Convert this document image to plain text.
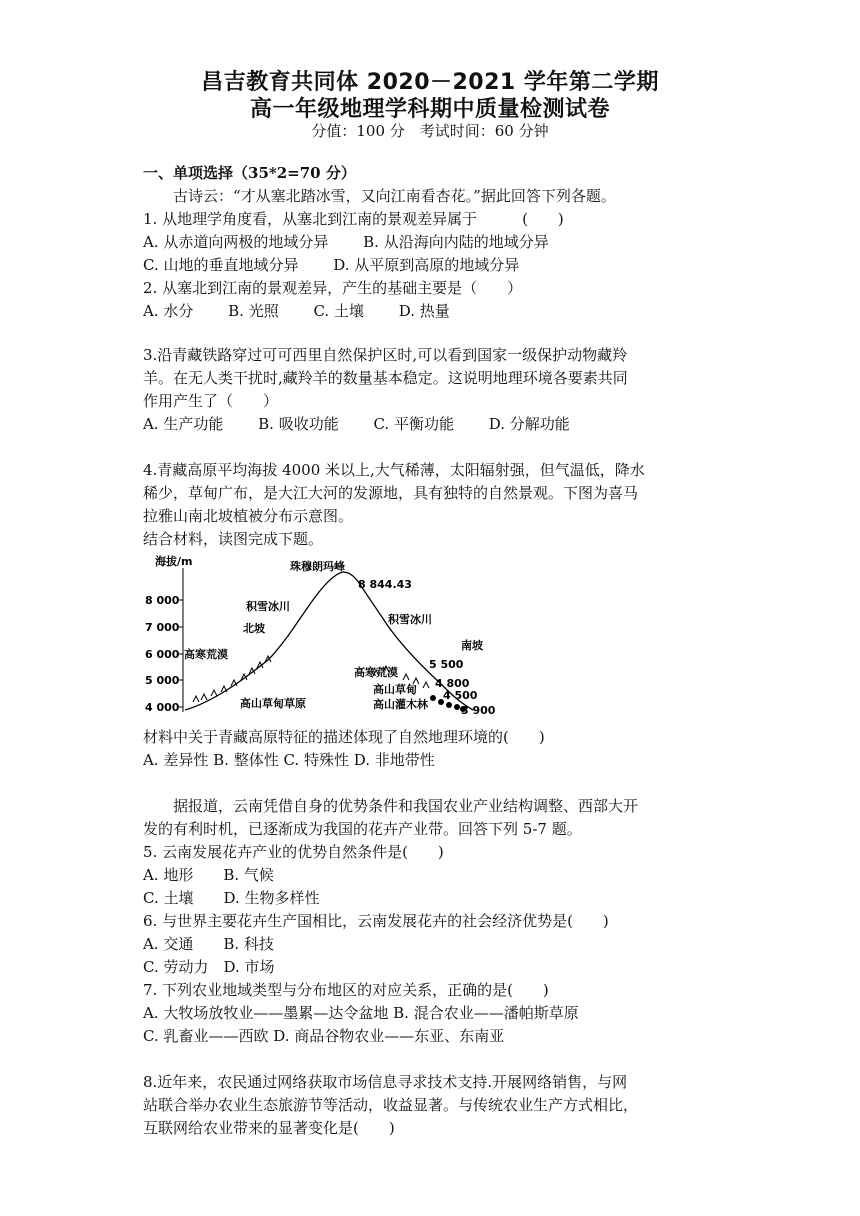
昌吉教育共同体 2020－2021 学年第二学期
高一年级地理学科期中质量检测试卷
分值：100 分　考试时间：60 分钟
一、单项选择（35*2=70 分）
　　古诗云：“才从塞北踏冰雪，又向江南看杏花。”据此回答下列各题。
1. 从地理学角度看，从塞北到江南的景观差异属于　　　(　　)
A. 从赤道向两极的地域分异　　 B. 从沿海向内陆的地域分异
C. 山地的垂直地域分异　　 D. 从平原到高原的地域分异
2. 从塞北到江南的景观差异，产生的基础主要是（　　）
A. 水分　　 B. 光照　　 C. 土壤　　 D. 热量
3.沿青藏铁路穿过可可西里自然保护区时,可以看到国家一级保护动物藏羚
羊。在无人类干扰时,藏羚羊的数量基本稳定。这说明地理环境各要素共同
作用产生了（　　）
A. 生产功能　　 B. 吸收功能　　 C. 平衡功能　　 D. 分解功能
4.青藏高原平均海拔 4000 米以上,大气稀薄，太阳辐射强，但气温低，降水
稀少，草甸广布，是大江大河的发源地，具有独特的自然景观。下图为喜马
拉雅山南北坡植被分布示意图。
结合材料，读图完成下题。
海拔/m
8 000
7 000
6 000
5 000
4 000
珠穆朗玛峰
8 844.43
积雪冰川
北坡
高寒荒漠
高山草甸草原
积雪冰川
南坡
高寒荒漠
高山草甸
高山灌木林
5 500
4 800
4 500
3 900
材料中关于青藏高原特征的描述体现了自然地理环境的(　　)
A. 差异性 B. 整体性 C. 特殊性 D. 非地带性
　　据报道，云南凭借自身的优势条件和我国农业产业结构调整、西部大开
发的有利时机，已逐渐成为我国的花卉产业带。回答下列 5-7 题。
5. 云南发展花卉产业的优势自然条件是(　　)
A. 地形　　B. 气候
C. 土壤　　D. 生物多样性
6. 与世界主要花卉生产国相比，云南发展花卉的社会经济优势是(　　)
A. 交通　　B. 科技
C. 劳动力　D. 市场
7. 下列农业地域类型与分布地区的对应关系，正确的是(　　)
A. 大牧场放牧业——墨累—达令盆地 B. 混合农业——潘帕斯草原
C. 乳畜业——西欧 D. 商品谷物农业——东亚、东南亚
8.近年来，农民通过网络获取市场信息寻求技术支持.开展网络销售，与网
站联合举办农业生态旅游节等活动，收益显著。与传统农业生产方式相比，
互联网给农业带来的显著变化是(　　)
